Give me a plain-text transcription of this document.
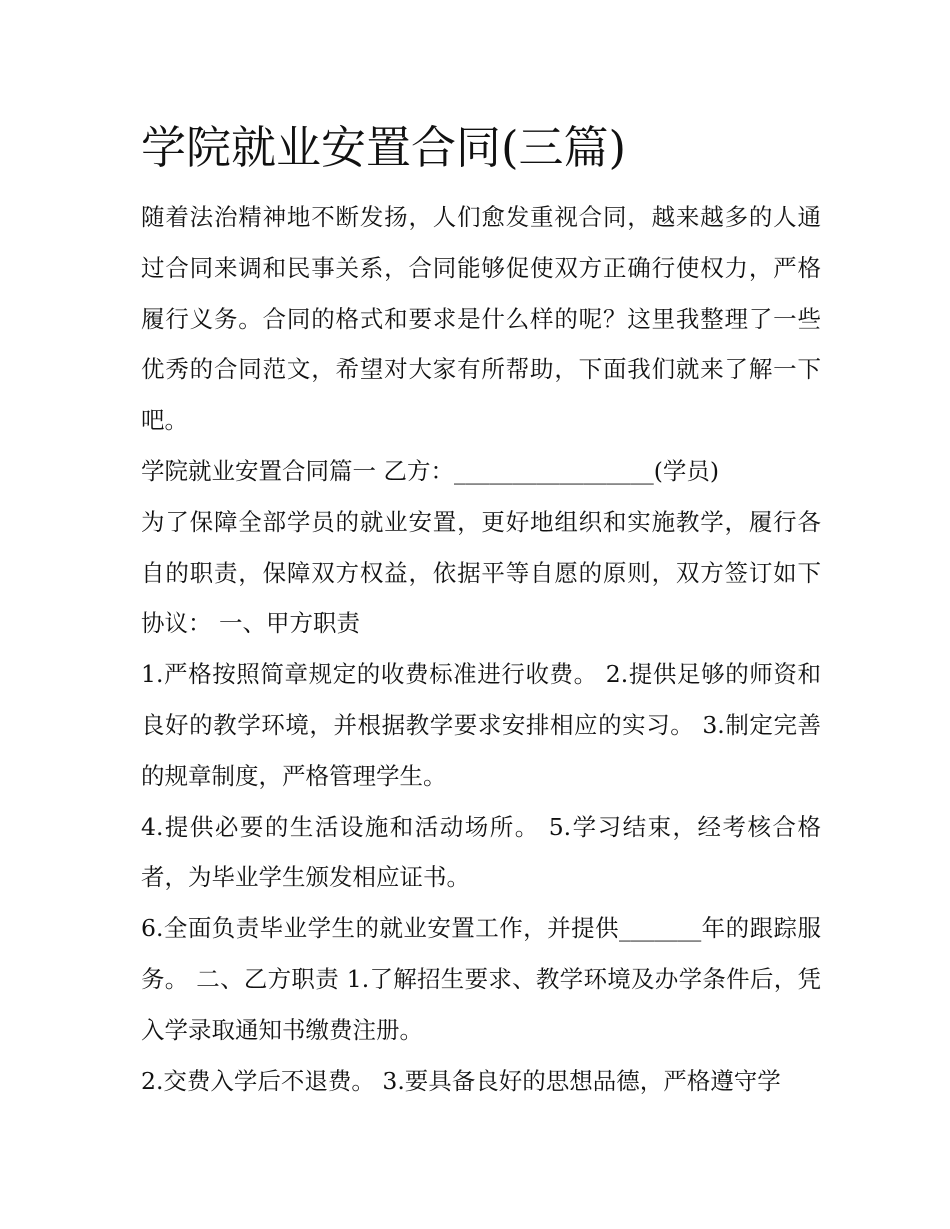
学院就业安置合同(三篇)

随着法治精神地不断发扬，人们愈发重视合同，越来越多的人通过合同来调和民事关系，合同能够促使双方正确行使权力，严格履行义务。合同的格式和要求是什么样的呢？这里我整理了一些优秀的合同范文，希望对大家有所帮助，下面我们就来了解一下吧。

学院就业安置合同篇一 乙方：_________________(学员)

为了保障全部学员的就业安置，更好地组织和实施教学，履行各自的职责，保障双方权益，依据平等自愿的原则，双方签订如下协议： 一、甲方职责

1.严格按照简章规定的收费标准进行收费。 2.提供足够的师资和良好的教学环境，并根据教学要求安排相应的实习。 3.制定完善的规章制度，严格管理学生。

4.提供必要的生活设施和活动场所。 5.学习结束，经考核合格者，为毕业学生颁发相应证书。

6.全面负责毕业学生的就业安置工作，并提供_______年的跟踪服务。 二、乙方职责 1.了解招生要求、教学环境及办学条件后，凭入学录取通知书缴费注册。

2.交费入学后不退费。 3.要具备良好的思想品德，严格遵守学
